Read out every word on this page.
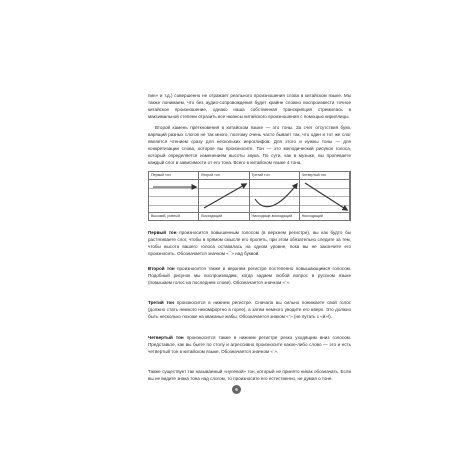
пин» и т.д.) совершенно не отражает реального произношения слова в китайском языке. Мы также понимаем, что без аудио-сопровождения будет крайне сложно воспроизвести точное китайское произношение, однако наша собственная транскрипция стремилась в максимальной степени отразить все нюансы китайского произношения с помощью кириллицы.

Второй камень преткновения в китайском языке — это тоны. За счет отсутствия букв, варящий разных слогов не так много, поэтому очень часто бывает так, что один и тот же слог является чтением сразу для нескольких иероглифов. Для этого и нужны тоны — для конкретизации слова, которое вы произносите. Тон — это мелодический рисунок голоса, который определяется изменением высоты звука. По сути, как в музыке, вы пропеваете каждый слог в зависимости от его тона. Всего в китайском языке 4 тона.

Первый тон
Высокий, ровный
Второй тон
Восходящий
Третий тон
Нисходяще-восходящий
Четвертый тон
Нисходящий

Первый тон произносится повышенным голосом (в верхнем регистре), вы как будто бы растягиваете слог, чтобы в прямом смысле его пропеть, при этом обязательно следите за тем, чтобы высота вашего голоса оставалась на одном уровне, пока вы не закончите его произносить. Обозначается значком «¯» над буквой.

Второй тон произносится также в верхнем регистре постепенно повышающимся голосом. Подобный рисунок мы воспроизводим, когда задаем любой вопрос в русском языке (повышаем голос на последнем слове). Обозначается значком «´».

Третий тон произносится в нижнем регистре. Сначала вы сильно понижаете свой голос (должно стать немного некомфортно в горле), а затем немного уводите его вверх. Это должно быть несколько похоже на кваканье жабы. Обозначается знаком «ˇ» (не путать с «й»!).

Четвертый тон произносится также в нижнем регистре резко уходящим вниз голосом. Представьте, как вы бьете по столу и агрессивно произносите какое-либо слово — это и есть четвертый тон в китайском языке. Обозначается значком «`».

Также существует так называемый «нулевой» тон, который не принято никак обозначать. Если вы не видите знака тона над слогом, то произносите его естественно, не думая о тоне.

6
